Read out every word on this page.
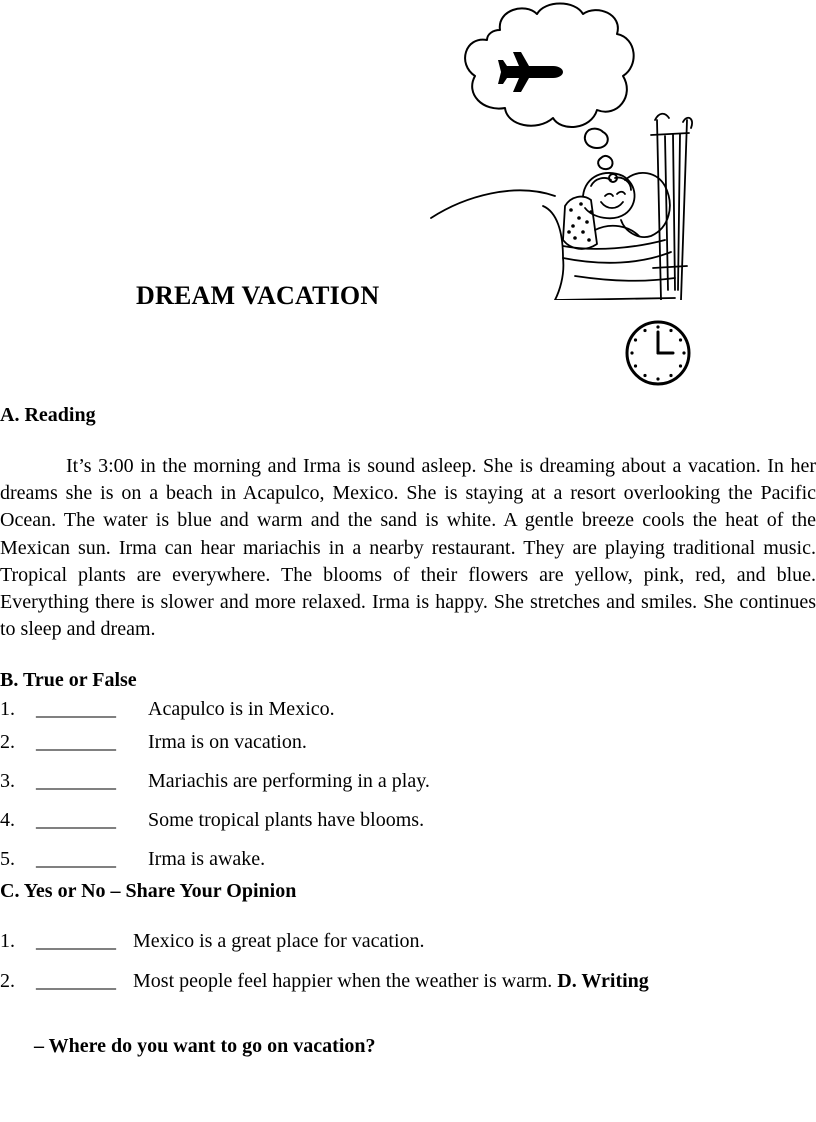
DREAM VACATION
A. Reading

It’s 3:00 in the morning and Irma is sound asleep. She is dreaming about a vacation. In her dreams she is on a beach in Acapulco, Mexico. She is staying at a resort overlooking the Pacific Ocean. The water is blue and warm and the sand is white. A gentle breeze cools the heat of the Mexican sun. Irma can hear mariachis in a nearby restaurant. They are playing traditional music. Tropical plants are everywhere. The blooms of their flowers are yellow, pink, red, and blue. Everything there is slower and more relaxed. Irma is happy. She stretches and smiles. She continues to sleep and dream.

B. True or False
1. ________ Acapulco is in Mexico.
2. ________ Irma is on vacation.
3. ________ Mariachis are performing in a play.
4. ________ Some tropical plants have blooms.
5. ________ Irma is awake.
C. Yes or No – Share Your Opinion
1. ________ Mexico is a great place for vacation.
2. ________ Most people feel happier when the weather is warm. D. Writing

– Where do you want to go on vacation?
